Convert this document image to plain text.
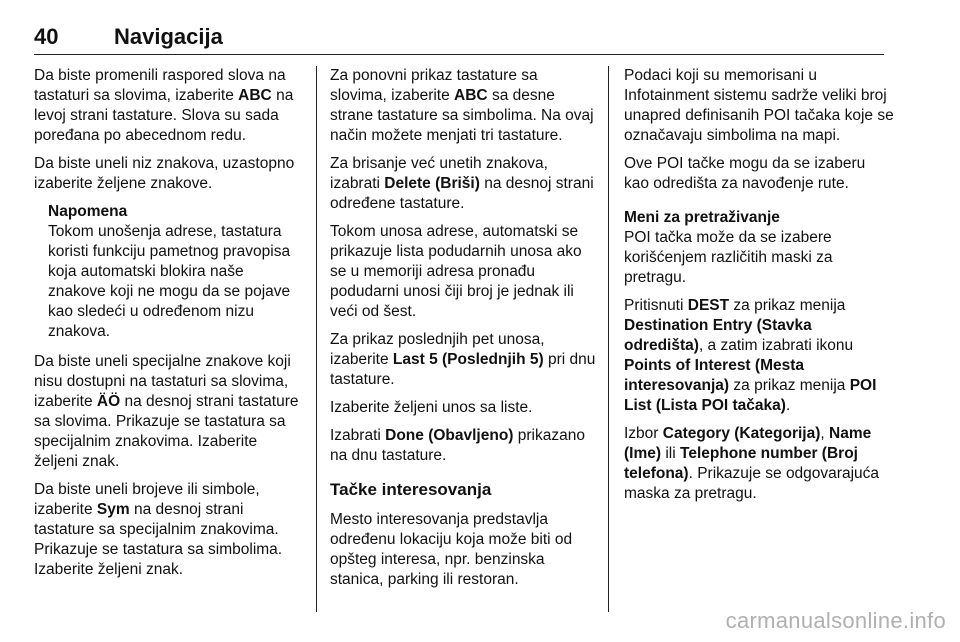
40	Navigacija

Da biste promenili raspored slova na tastaturi sa slovima, izaberite ABC na levoj strani tastature. Slova su sada poređana po abecednom redu.

Da biste uneli niz znakova, uzastopno izaberite željene znakove.

Napomena
Tokom unošenja adrese, tastatura koristi funkciju pametnog pravopisa koja automatski blokira naše znakove koji ne mogu da se pojave kao sledeći u određenom nizu znakova.

Da biste uneli specijalne znakove koji nisu dostupni na tastaturi sa slovima, izaberite ÄÖ na desnoj strani tastature sa slovima. Prikazuje se tastatura sa specijalnim znakovima. Izaberite željeni znak.

Da biste uneli brojeve ili simbole, izaberite Sym na desnoj strani tastature sa specijalnim znakovima. Prikazuje se tastatura sa simbolima. Izaberite željeni znak.

Za ponovni prikaz tastature sa slovima, izaberite ABC sa desne strane tastature sa simbolima. Na ovaj način možete menjati tri tastature.

Za brisanje već unetih znakova, izabrati Delete (Briši) na desnoj strani određene tastature.

Tokom unosa adrese, automatski se prikazuje lista podudarnih unosa ako se u memoriji adresa pronađu podudarni unosi čiji broj je jednak ili veći od šest.

Za prikaz poslednjih pet unosa, izaberite Last 5 (Poslednjih 5) pri dnu tastature.

Izaberite željeni unos sa liste.

Izabrati Done (Obavljeno) prikazano na dnu tastature.

Tačke interesovanja

Mesto interesovanja predstavlja određenu lokaciju koja može biti od opšteg interesa, npr. benzinska stanica, parking ili restoran.

Podaci koji su memorisani u Infotainment sistemu sadrže veliki broj unapred definisanih POI tačaka koje se označavaju simbolima na mapi.

Ove POI tačke mogu da se izaberu kao odredišta za navođenje rute.

Meni za pretraživanje

POI tačka može da se izabere korišćenjem različitih maski za pretragu.

Pritisnuti DEST za prikaz menija Destination Entry (Stavka odredišta), a zatim izabrati ikonu Points of Interest (Mesta interesovanja) za prikaz menija POI List (Lista POI tačaka).

Izbor Category (Kategorija), Name (Ime) ili Telephone number (Broj telefona). Prikazuje se odgovarajuća maska za pretragu.

carmanualsonline.info
